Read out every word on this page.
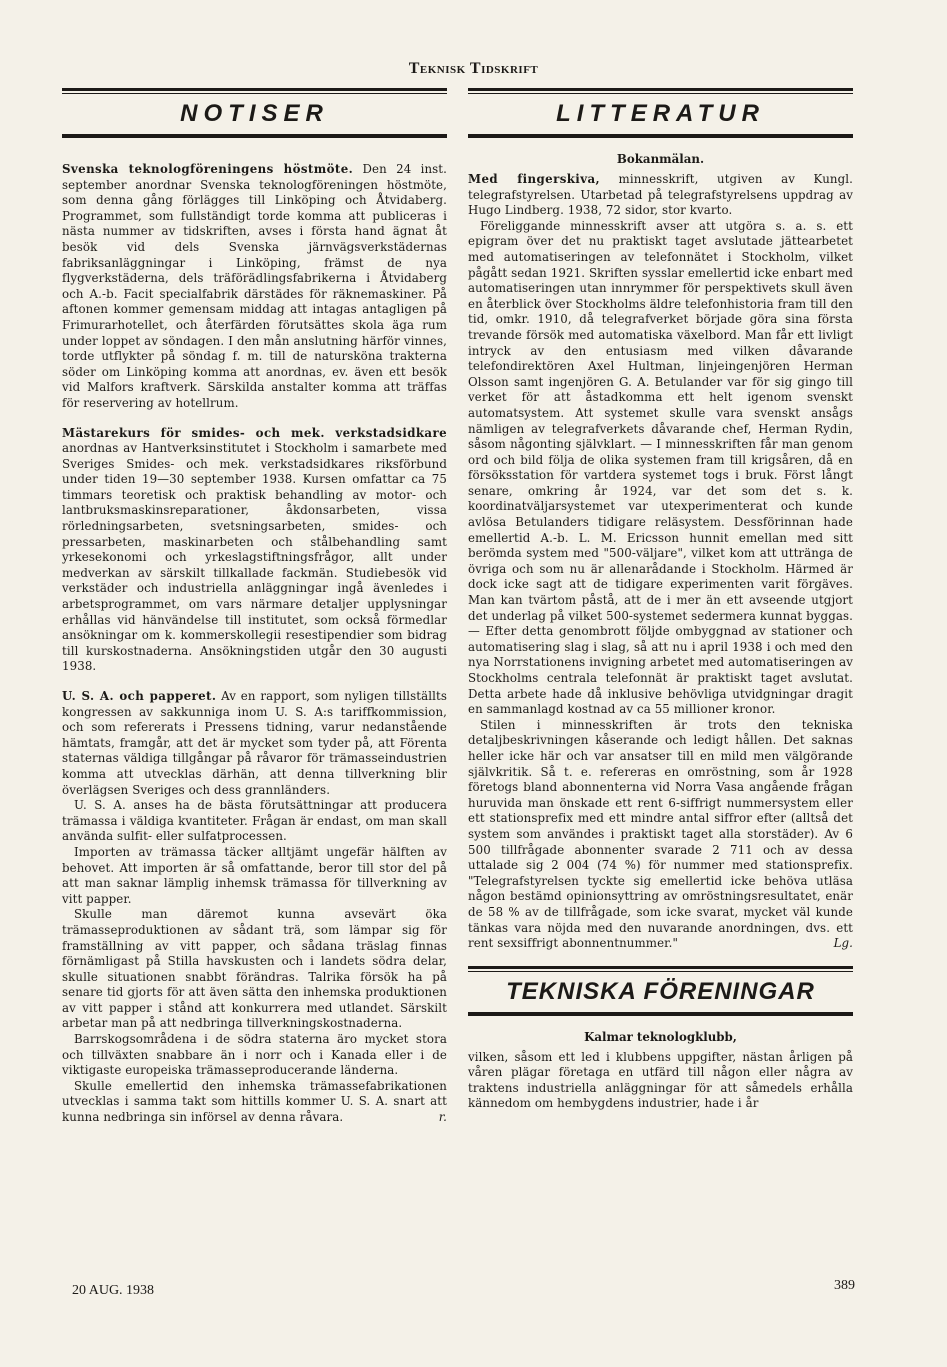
Teknisk Tidskrift
NOTISER

Svenska teknologföreningens höstmöte. Den 24 inst. september anordnar Svenska teknologföreningen höstmöte, som denna gång förlägges till Linköping och Åtvidaberg. Programmet, som fullständigt torde komma att publiceras i nästa nummer av tidskriften, avses i första hand ägnat åt besök vid dels Svenska järnvägsverkstädernas fabriksanläggningar i Linköping, främst de nya flygverkstäderna, dels träförädlingsfabrikerna i Åtvidaberg och A.-b. Facit specialfabrik därstädes för räknemaskiner. På aftonen kommer gemensam middag att intagas antagligen på Frimurarhotellet, och återfärden förutsättes skola äga rum under loppet av söndagen. I den mån anslutning härför vinnes, torde utflykter på söndag f. m. till de natursköna trakterna söder om Linköping komma att anordnas, ev. även ett besök vid Malfors kraftverk. Särskilda anstalter komma att träffas för reservering av hotellrum.

Mästarekurs för smides- och mek. verkstadsidkare anordnas av Hantverksinstitutet i Stockholm i samarbete med Sveriges Smides- och mek. verkstadsidkares riksförbund under tiden 19—30 september 1938. Kursen omfattar ca 75 timmars teoretisk och praktisk behandling av motor- och lantbruksmaskinsreparationer, åkdonsarbeten, vissa rörledningsarbeten, svetsningsarbeten, smides- och pressarbeten, maskinarbeten och stålbehandling samt yrkesekonomi och yrkeslagstiftningsfrågor, allt under medverkan av särskilt tillkallade fackmän. Studiebesök vid verkstäder och industriella anläggningar ingå ävenledes i arbetsprogrammet, om vars närmare detaljer upplysningar erhållas vid hänvändelse till institutet, som också förmedlar ansökningar om k. kommerskollegii resestipendier som bidrag till kurskostnaderna. Ansökningstiden utgår den 30 augusti 1938.

U. S. A. och papperet. Av en rapport, som nyligen tillställts kongressen av sakkunniga inom U. S. A:s tariffkommission, och som refererats i Pressens tidning, varur nedanstående hämtats, framgår, att det är mycket som tyder på, att Förenta staternas väldiga tillgångar på råvaror för trämasseindustrien komma att utvecklas därhän, att denna tillverkning blir överlägsen Sveriges och dess grannländers.

U. S. A. anses ha de bästa förutsättningar att producera trämassa i väldiga kvantiteter. Frågan är endast, om man skall använda sulfit- eller sulfatprocessen.

Importen av trämassa täcker alltjämt ungefär hälften av behovet. Att importen är så omfattande, beror till stor del på att man saknar lämplig inhemsk trämassa för tillverkning av vitt papper.

Skulle man däremot kunna avsevärt öka trämasseproduktionen av sådant trä, som lämpar sig för framställning av vitt papper, och sådana träslag finnas förnämligast på Stilla havskusten och i landets södra delar, skulle situationen snabbt förändras. Talrika försök ha på senare tid gjorts för att även sätta den inhemska produktionen av vitt papper i stånd att konkurrera med utlandet. Särskilt arbetar man på att nedbringa tillverkningskostnaderna.

Barrskogsområdena i de södra staterna äro mycket stora och tillväxten snabbare än i norr och i Kanada eller i de viktigaste europeiska trämasseproducerande länderna.

Skulle emellertid den inhemska trämassefabrikationen utvecklas i samma takt som hittills kommer U. S. A. snart att kunna nedbringa sin införsel av denna råvara.	r.

LITTERATUR
Bokanmälan.

Med fingerskiva, minnesskrift, utgiven av Kungl. telegrafstyrelsen. Utarbetad på telegrafstyrelsens uppdrag av Hugo Lindberg. 1938, 72 sidor, stor kvarto.

Föreliggande minnesskrift avser att utgöra s. a. s. ett epigram över det nu praktiskt taget avslutade jättearbetet med automatiseringen av telefonnätet i Stockholm, vilket pågått sedan 1921. Skriften sysslar emellertid icke enbart med automatiseringen utan innrymmer för perspektivets skull även en återblick över Stockholms äldre telefonhistoria fram till den tid, omkr. 1910, då telegrafverket började göra sina första trevande försök med automatiska växelbord. Man får ett livligt intryck av den entusiasm med vilken dåvarande telefondirektören Axel Hultman, linjeingenjören Herman Olsson samt ingenjören G. A. Betulander var för sig gingo till verket för att åstadkomma ett helt igenom svenskt automatsystem. Att systemet skulle vara svenskt ansågs nämligen av telegrafverkets dåvarande chef, Herman Rydin, såsom någonting självklart. — I minnesskriften får man genom ord och bild följa de olika systemen fram till krigsåren, då en försöksstation för vartdera systemet togs i bruk. Först långt senare, omkring år 1924, var det som det s. k. koordinatväljarsystemet var utexperimenterat och kunde avlösa Betulanders tidigare reläsystem. Dessförinnan hade emellertid A.-b. L. M. Ericsson hunnit emellan med sitt berömda system med "500-väljare", vilket kom att uttränga de övriga och som nu är allenarådande i Stockholm. Härmed är dock icke sagt att de tidigare experimenten varit förgäves. Man kan tvärtom påstå, att de i mer än ett avseende utgjort det underlag på vilket 500-systemet sedermera kunnat byggas. — Efter detta genombrott följde ombyggnad av stationer och automatisering slag i slag, så att nu i april 1938 i och med den nya Norrstationens invigning arbetet med automatiseringen av Stockholms centrala telefonnät är praktiskt taget avslutat. Detta arbete hade då inklusive behövliga utvidgningar dragit en sammanlagd kostnad av ca 55 millioner kronor.

Stilen i minnesskriften är trots den tekniska detaljbeskrivningen kåserande och ledigt hållen. Det saknas heller icke här och var ansatser till en mild men välgörande självkritik. Så t. e. refereras en omröstning, som år 1928 företogs bland abonnenterna vid Norra Vasa angående frågan huruvida man önskade ett rent 6-siffrigt nummersystem eller ett stationsprefix med ett mindre antal siffror efter (alltså det system som användes i praktiskt taget alla storstäder). Av 6 500 tillfrågade abonnenter svarade 2 711 och av dessa uttalade sig 2 004 (74 %) för nummer med stationsprefix. "Telegrafstyrelsen tyckte sig emellertid icke behöva utläsa någon bestämd opinionsyttring av omröstningsresultatet, enär de 58 % av de tillfrågade, som icke svarat, mycket väl kunde tänkas vara nöjda med den nuvarande anordningen, dvs. ett rent sexsiffrigt abonnentnummer."	Lg.

TEKNISKA FÖRENINGAR
Kalmar teknologklubb,

vilken, såsom ett led i klubbens uppgifter, nästan årligen på våren plägar företaga en utfärd till någon eller några av traktens industriella anläggningar för att såmedels erhålla kännedom om hembygdens industrier, hade i år

20 AUG. 1938	389
